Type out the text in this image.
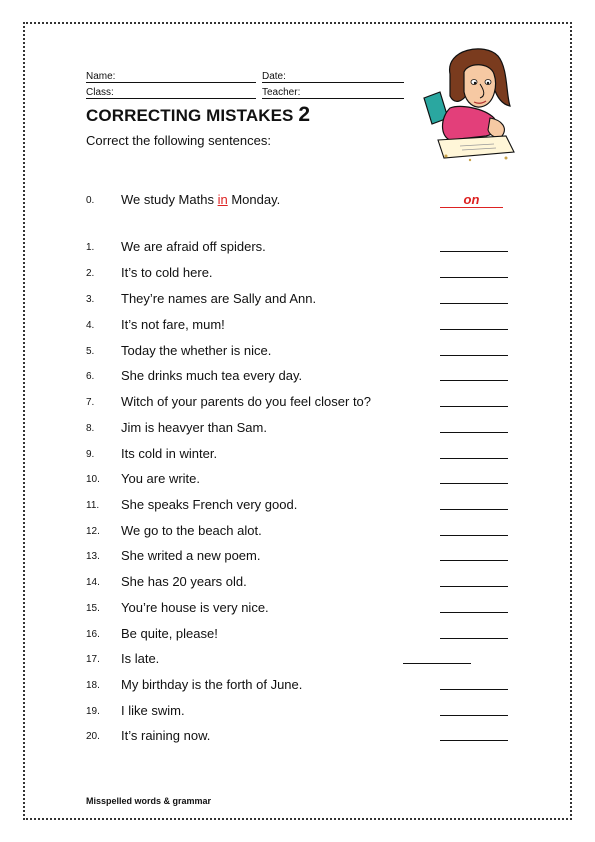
Name:	Date:
Class:	Teacher:
CORRECTING MISTAKES 2
Correct the following sentences:
0. We study Maths in Monday.	on
1. We are afraid off spiders.
2. It’s to cold here.
3. They’re names are Sally and Ann.
4. It’s not fare, mum!
5. Today the whether is nice.
6. She drinks much tea every day.
7. Witch of your parents do you feel closer to?
8. Jim is heavyer than Sam.
9. Its cold in winter.
10. You are write.
11. She speaks French very good.
12. We go to the beach alot.
13. She writed a new poem.
14. She has 20 years old.
15. You’re house is very nice.
16. Be quite, please!
17. Is late.
18. My birthday is the forth of June.
19. I like swim.
20. It’s raining now.
Misspelled words & grammar
